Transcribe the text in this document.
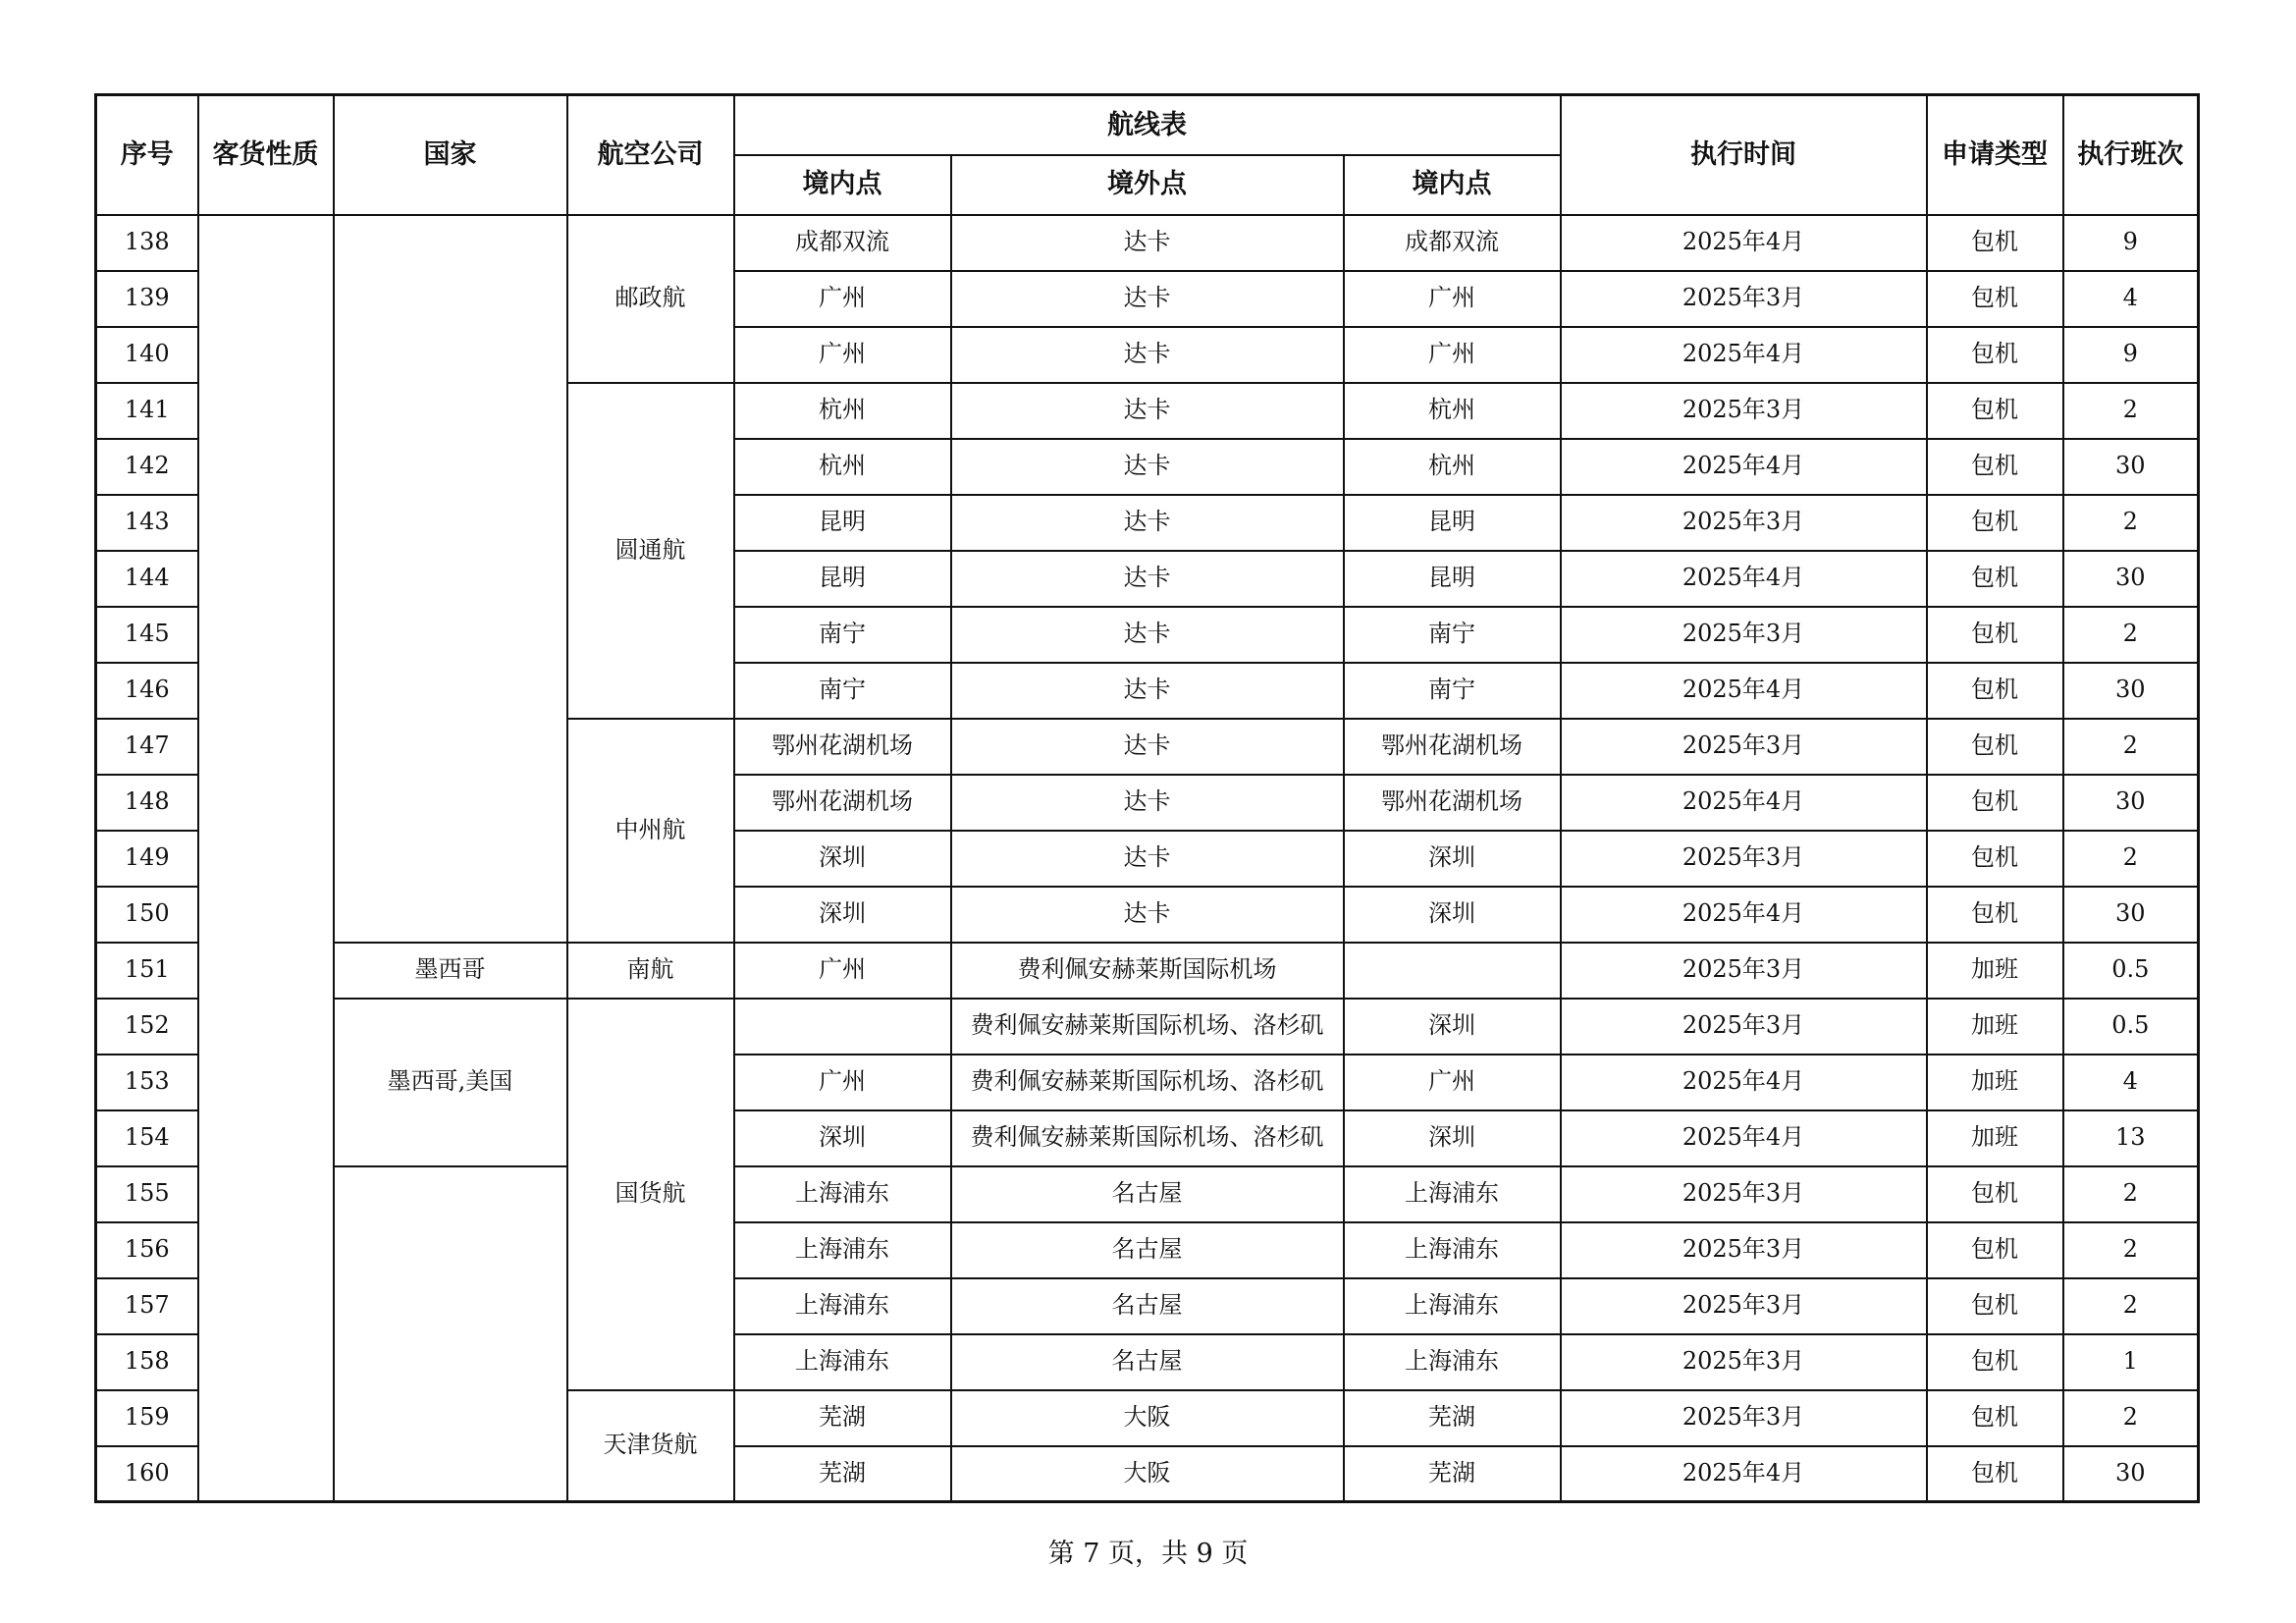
序号	客货性质	国家	航空公司	航线表			执行时间	申请类型	执行班次
				境内点	境外点	境内点			
138			邮政航	成都双流	达卡	成都双流	2025年4月	包机	9
139				广州	达卡	广州	2025年3月	包机	4
140				广州	达卡	广州	2025年4月	包机	9
141			圆通航	杭州	达卡	杭州	2025年3月	包机	2
142				杭州	达卡	杭州	2025年4月	包机	30
143				昆明	达卡	昆明	2025年3月	包机	2
144				昆明	达卡	昆明	2025年4月	包机	30
145				南宁	达卡	南宁	2025年3月	包机	2
146				南宁	达卡	南宁	2025年4月	包机	30
147			中州航	鄂州花湖机场	达卡	鄂州花湖机场	2025年3月	包机	2
148				鄂州花湖机场	达卡	鄂州花湖机场	2025年4月	包机	30
149				深圳	达卡	深圳	2025年3月	包机	2
150				深圳	达卡	深圳	2025年4月	包机	30
151		墨西哥	南航	广州	费利佩安赫莱斯国际机场		2025年3月	加班	0.5
152		墨西哥,美国	国货航		费利佩安赫莱斯国际机场、洛杉矶	深圳	2025年3月	加班	0.5
153				广州	费利佩安赫莱斯国际机场、洛杉矶	广州	2025年4月	加班	4
154				深圳	费利佩安赫莱斯国际机场、洛杉矶	深圳	2025年4月	加班	13
155				上海浦东	名古屋	上海浦东	2025年3月	包机	2
156				上海浦东	名古屋	上海浦东	2025年3月	包机	2
157				上海浦东	名古屋	上海浦东	2025年3月	包机	2
158				上海浦东	名古屋	上海浦东	2025年3月	包机	1
159			天津货航	芜湖	大阪	芜湖	2025年3月	包机	2
160				芜湖	大阪	芜湖	2025年4月	包机	30
第 7 页，共 9 页
